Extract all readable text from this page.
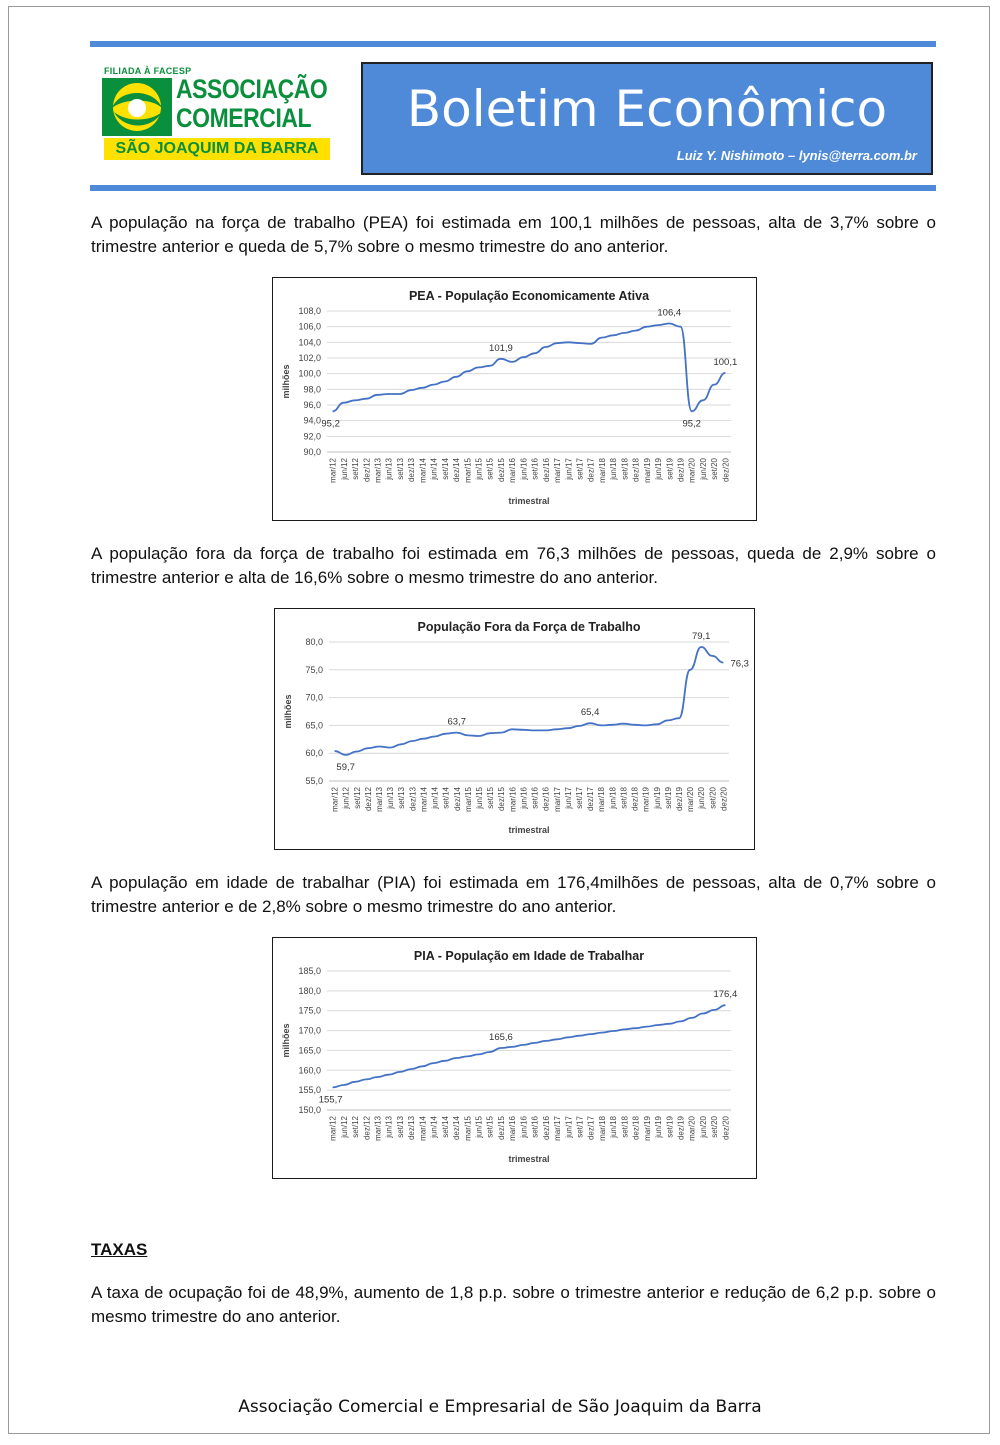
FILIADA À FACESP
ASSOCIAÇÃO
COMERCIAL
SÃO JOAQUIM DA BARRA
Boletim Econômico
Luiz Y. Nishimoto – lynis@terra.com.br
A população na força de trabalho (PEA) foi estimada em 100,1 milhões de pessoas, alta de 3,7% sobre o trimestre anterior e queda de 5,7% sobre o mesmo trimestre do ano anterior.
PEA - População Economicamente Ativa
90,0
92,0
94,0
96,0
98,0
100,0
102,0
104,0
106,0
108,0
mar/12 jun/12 set/12 dez/12 mar/13 jun/13 set/13 dez/13 mar/14 jun/14 set/14 dez/14 mar/15 jun/15 set/15 dez/15 mar/16 jun/16 set/16 dez/16 mar/17 jun/17 set/17 dez/17 mar/18 jun/18 set/18 dez/18 mar/19 jun/19 set/19 dez/19 mar/20 jun/20 set/20 dez/20
milhões
trimestral
95,2
101,9
106,4
95,2
100,1
A população fora da força de trabalho foi estimada em 76,3 milhões de pessoas, queda de 2,9% sobre o trimestre anterior e alta de 16,6% sobre o mesmo trimestre do ano anterior.
População Fora da Força de Trabalho
55,0
60,0
65,0
70,0
75,0
80,0
mar/12 jun/12 set/12 dez/12 mar/13 jun/13 set/13 dez/13 mar/14 jun/14 set/14 dez/14 mar/15 jun/15 set/15 dez/15 mar/16 jun/16 set/16 dez/16 mar/17 jun/17 set/17 dez/17 mar/18 jun/18 set/18 dez/18 mar/19 jun/19 set/19 dez/19 mar/20 jun/20 set/20 dez/20
milhões
trimestral
59,7
63,7
65,4
79,1
76,3
A população em idade de trabalhar (PIA) foi estimada em 176,4milhões de pessoas, alta de 0,7% sobre o trimestre anterior e de 2,8% sobre o mesmo trimestre do ano anterior.
PIA - População em Idade de Trabalhar
150,0
155,0
160,0
165,0
170,0
175,0
180,0
185,0
mar/12 jun/12 set/12 dez/12 mar/13 jun/13 set/13 dez/13 mar/14 jun/14 set/14 dez/14 mar/15 jun/15 set/15 dez/15 mar/16 jun/16 set/16 dez/16 mar/17 jun/17 set/17 dez/17 mar/18 jun/18 set/18 dez/18 mar/19 jun/19 set/19 dez/19 mar/20 jun/20 set/20 dez/20
milhões
trimestral
155,7
165,6
176,4
TAXAS
A taxa de ocupação foi de 48,9%, aumento de 1,8 p.p. sobre o trimestre anterior e redução de 6,2 p.p. sobre o mesmo trimestre do ano anterior.
Associação Comercial e Empresarial de São Joaquim da Barra
